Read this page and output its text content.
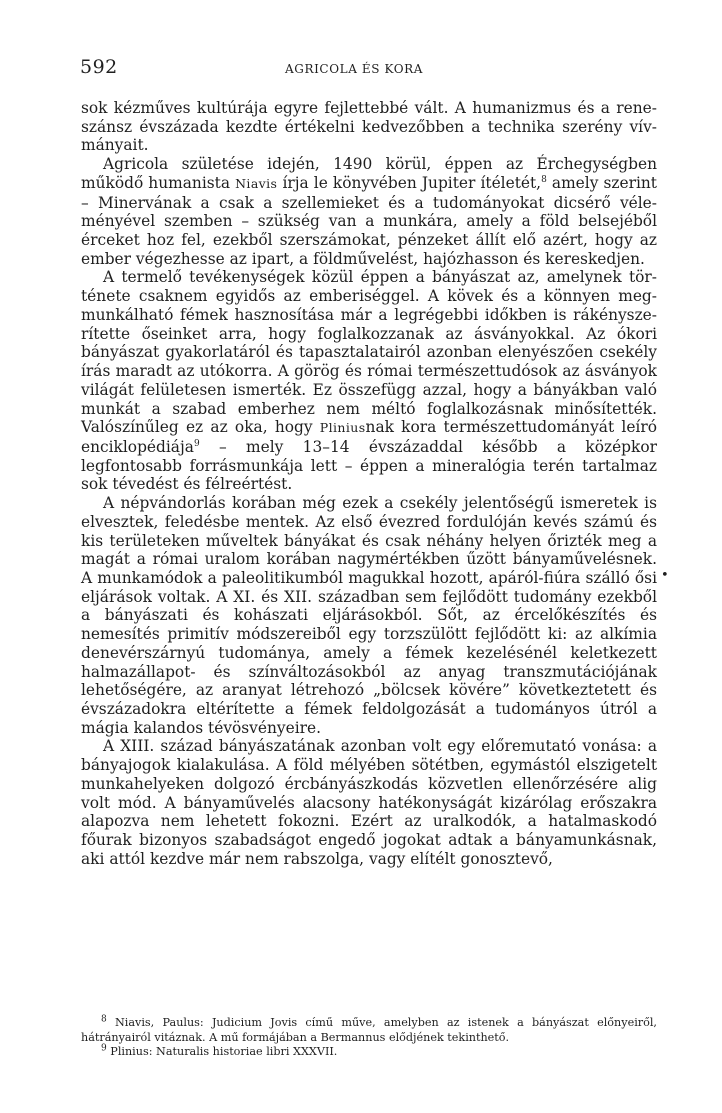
592	AGRICOLA ÉS KORA

sok kézműves kultúrája egyre fejlettebbé vált. A humanizmus és a reneszánsz évszázada kezdte értékelni kedvezőbben a technika szerény vívmányait.

Agricola születése idején, 1490 körül, éppen az Érchegységben működő humanista Niavis írja le könyvében Jupiter ítéletét,$^8$ amely szerint – Minervának a csak a szellemieket és a tudományokat dicsérő véleményével szemben – szükség van a munkára, amely a föld belsejéből érceket hoz fel, ezekből szerszámokat, pénzeket állít elő azért, hogy az ember végezhesse az ipart, a földművelést, hajózhasson és kereskedjen.

A termelő tevékenységek közül éppen a bányászat az, amelynek története csaknem egyidős az emberiséggel. A kövek és a könnyen megmunkálható fémek hasznosítása már a legrégebbi időkben is rákényszerítette őseinket arra, hogy foglalkozzanak az ásványokkal. Az ókori bányászat gyakorlatáról és tapasztalatairól azonban elenyészően csekély írás maradt az utókorra. A görög és római természettudósok az ásványok világát felületesen ismerték. Ez összefügg azzal, hogy a bányákban való munkát a szabad emberhez nem méltó foglalkozásnak minősítették. Valószínűleg ez az oka, hogy Pliniusnak kora természettudományát leíró enciklopédiája$^9$ – mely 13–14 évszázaddal később a középkor legfontosabb forrásmunkája lett – éppen a mineralógia terén tartalmaz sok tévedést és félreértést.

A népvándorlás korában még ezek a csekély jelentőségű ismeretek is elvesztek, feledésbe mentek. Az első évezred fordulóján kevés számú és kis területeken műveltek bányákat és csak néhány helyen őrizték meg a magát a római uralom korában nagymértékben űzött bányaművelésnek. A munkamódok a paleolitikumból magukkal hozott, apáról-fiúra szálló ősi eljárások voltak. A XI. és XII. században sem fejlődött tudomány ezekből a bányászati és kohászati eljárásokból. Sőt, az ércelőkészítés és nemesítés primitív módszereiből egy torzszülött fejlődött ki: az alkímia denevérszárnyú tudománya, amely a fémek kezelésénél keletkezett halmazállapot- és színváltozásokból az anyag transzmutációjának lehetőségére, az aranyat létrehozó „bölcsek kövére” következtetett és évszázadokra eltérítette a fémek feldolgozását a tudományos útról a mágia kalandos tévösvényeire.

A XIII. század bányászatának azonban volt egy előremutató vonása: a bányajogok kialakulása. A föld mélyében sötétben, egymástól elszigetelt munkahelyeken dolgozó ércbányászkodás közvetlen ellenőrzésére alig volt mód. A bányaművelés alacsony hatékonyságát kizárólag erőszakra alapozva nem lehetett fokozni. Ezért az uralkodók, a hatalmaskodó főurak bizonyos szabadságot engedő jogokat adtak a bányamunkásnak, aki attól kezdve már nem rabszolga, vagy elítélt gonosztevő,

•

$^8$ Niavis, Paulus: Judicium Jovis című műve, amelyben az istenek a bányászat előnyeiről, hátrányairól vitáznak. A mű formájában a Bermannus elődjének tekinthető.

$^9$ Plinius: Naturalis historiae libri XXXVII.
